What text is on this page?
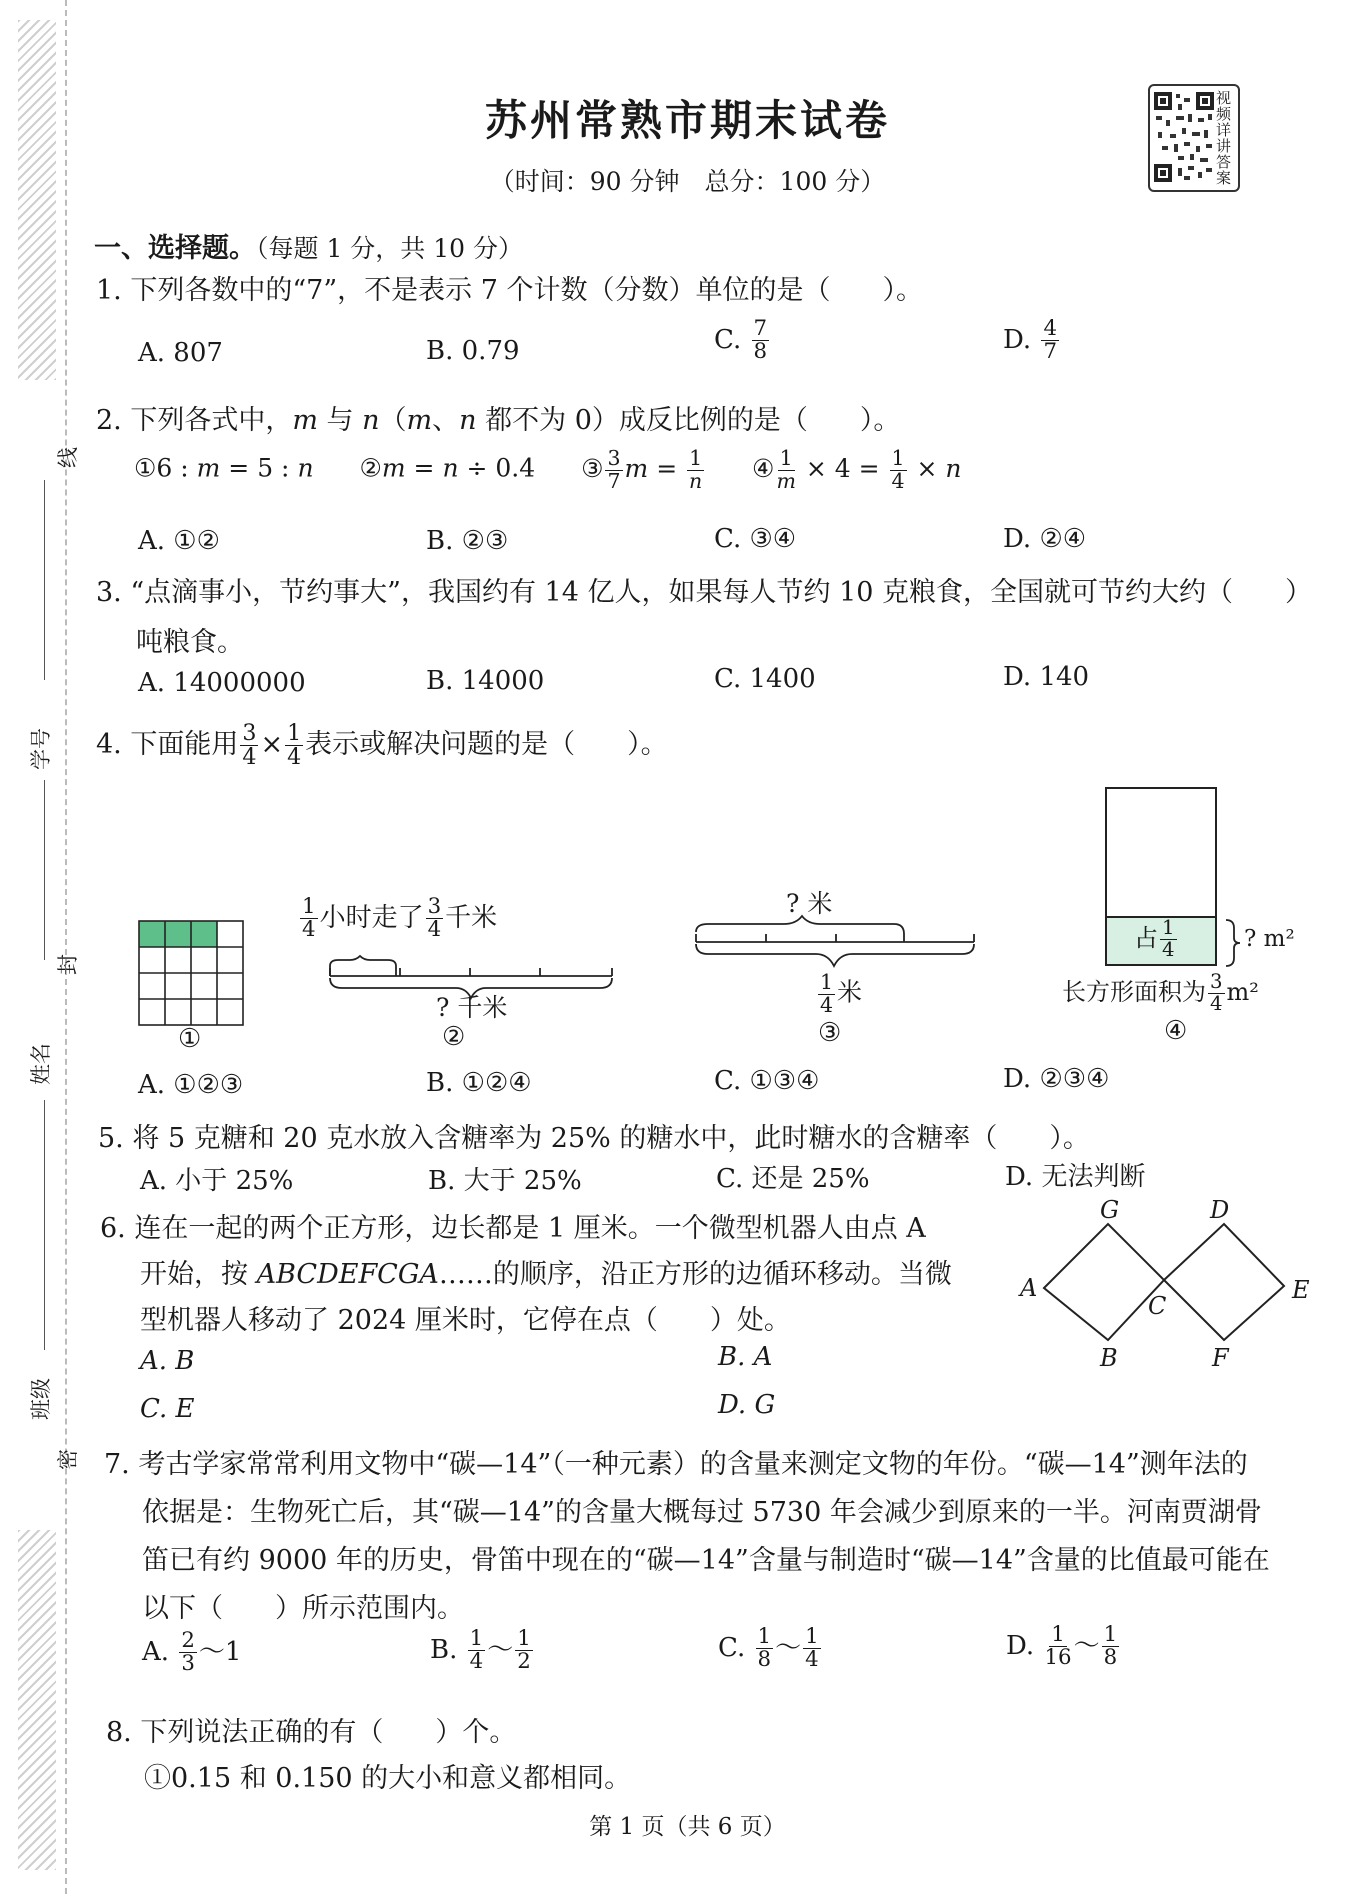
线
学号
封
姓名
班级
密
苏州常熟市期末试卷
（时间：90 分钟　总分：100 分）
视
频
详
讲
答
案
一、选择题。（每题 1 分，共 10 分）
1. 下列各数中的“7”，不是表示 7 个计数（分数）单位的是（ ）。
A. 807	B. 0.79	C. $\frac{7}{8}$	D. $\frac{4}{7}$
2. 下列各式中，m 与 n（m、n 都不为 0）成反比例的是（ ）。
①6 : m = 5 : n ②m = n ÷ 0.4 ③ $\frac{3}{7}$ $m = \frac{1}{n}$ ④ $\frac{1}{m} \times 4 = \frac{1}{4} \times n$
A. ①②	B. ②③	C. ③④	D. ②④
3. “点滴事小，节约事大”，我国约有 14 亿人，如果每人节约 10 克粮食，全国就可节约大约（ ）
吨粮食。
A. 14000000	B. 14000	C. 1400	D. 140
4. 下面能用 $\frac{3}{4} \times \frac{1}{4}$ 表示或解决问题的是（ ）。
①
$\frac{1}{4}$ 小时走了 $\frac{3}{4}$ 千米
? 千米
②
? 米
$\frac{1}{4}$ 米
③
占 $\frac{1}{4}$	? m²
长方形面积为 $\frac{3}{4} m^2$
④
A. ①②③	B. ①②④	C. ①③④	D. ②③④
5. 将 5 克糖和 20 克水放入含糖率为 25% 的糖水中，此时糖水的含糖率（ ）。
A. 小于 25%	B. 大于 25%	C. 还是 25%	D. 无法判断
6. 连在一起的两个正方形，边长都是 1 厘米。一个微型机器人由点 A
开始，按 ABCDEFCGA……的顺序，沿正方形的边循环移动。当微
型机器人移动了 2024 厘米时，它停在点（ ）处。
A. B	B. A
C. E	D. G
A
B
C
D
E
F
G
7. 考古学家常常利用文物中“碳—14”（一种元素）的含量来测定文物的年份。“碳—14”测年法的
依据是：生物死亡后，其“碳—14”的含量大概每过 5730 年会减少到原来的一半。河南贾湖骨
笛已有约 9000 年的历史，骨笛中现在的“碳—14”含量与制造时“碳—14”含量的比值最可能在
以下（ ）所示范围内。
A. $\frac{2}{3}$ ～1	B. $\frac{1}{4}$ ～ $\frac{1}{2}$	C. $\frac{1}{8}$ ～ $\frac{1}{4}$	D. $\frac{1}{16}$ ～ $\frac{1}{8}$
8. 下列说法正确的有（ ）个。
①0.15 和 0.150 的大小和意义都相同。
第 1 页（共 6 页）
